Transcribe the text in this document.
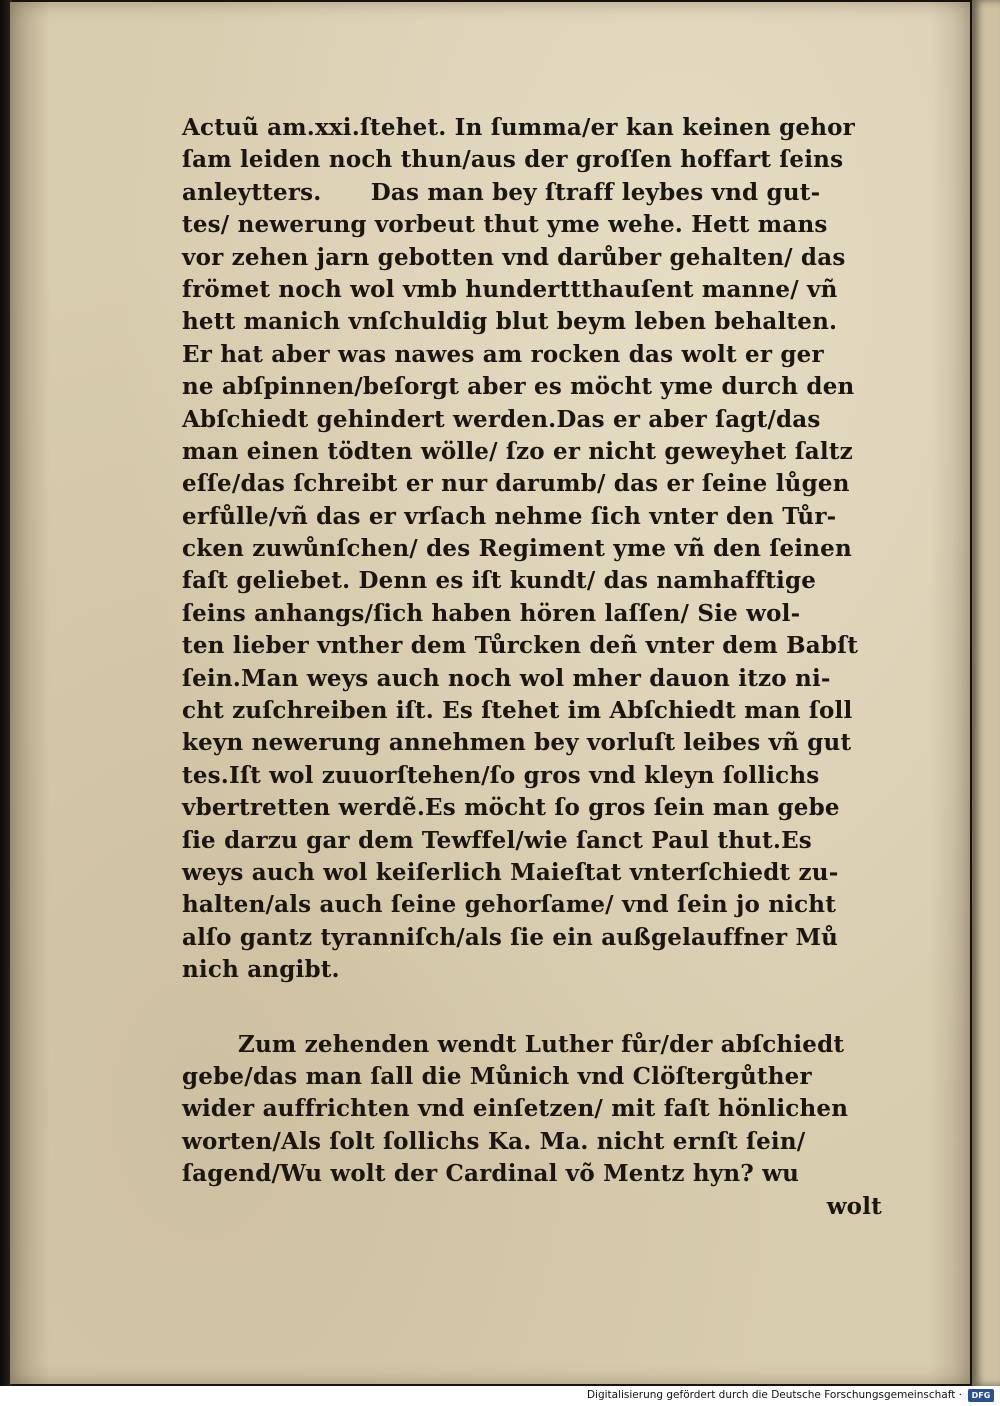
Actuũ am.xxi.ſtehet. In ſumma/er kan keinen gehor
ſam leiden noch thun/aus der groſſen hoffart ſeins
anleytters.      Das man bey ſtraff leybes vnd gut-
tes/ newerung vorbeut thut yme wehe. Hett mans
vor zehen jarn gebotten vnd darůber gehalten/ das
frömet noch wol vmb hunderttthauſent manne/ vñ
hett manich vnſchuldig blut beym leben behalten.
Er hat aber was nawes am rocken das wolt er ger
ne abſpinnen/beſorgt aber es möcht yme durch den
Abſchiedt gehindert werden.Das er aber ſagt/das
man einen tödten wölle/ ſzo er nicht geweyhet ſaltz
eſſe/das ſchreibt er nur darumb/ das er ſeine lůgen
erfůlle/vñ das er vrſach nehme ſich vnter den Tůr-
cken zuwůnſchen/ des Regiment yme vñ den ſeinen
faſt geliebet. Denn es iſt kundt/ das namhafftige
ſeins anhangs/ſich haben hören laſſen/ Sie wol-
ten lieber vnther dem Tůrcken deñ vnter dem Babſt
ſein.Man weys auch noch wol mher dauon itzo ni-
cht zuſchreiben iſt. Es ſtehet im Abſchiedt man ſoll
keyn newerung annehmen bey vorluſt leibes vñ gut
tes.Iſt wol zuuorſtehen/ſo gros vnd kleyn ſollichs
vbertretten werdẽ.Es möcht ſo gros ſein man gebe
ſie darzu gar dem Tewffel/wie ſanct Paul thut.Es
weys auch wol keiſerlich Maieſtat vnterſchiedt zu-
halten/als auch ſeine gehorſame/ vnd ſein jo nicht
alſo gantz tyranniſch/als ſie ein außgelauffner Mů
nich angibt.
Zum zehenden wendt Luther fůr/der abſchiedt
gebe/das man ſall die Můnich vnd Clöſtergůther
wider auffrichten vnd einſetzen/ mit faſt hönlichen
worten/Als ſolt ſollichs Ka. Ma. nicht ernſt ſein/
ſagend/Wu wolt der Cardinal võ Mentz hyn? wu
wolt
Digitalisierung gefördert durch die Deutsche Forschungsgemeinschaft ·	DFG
